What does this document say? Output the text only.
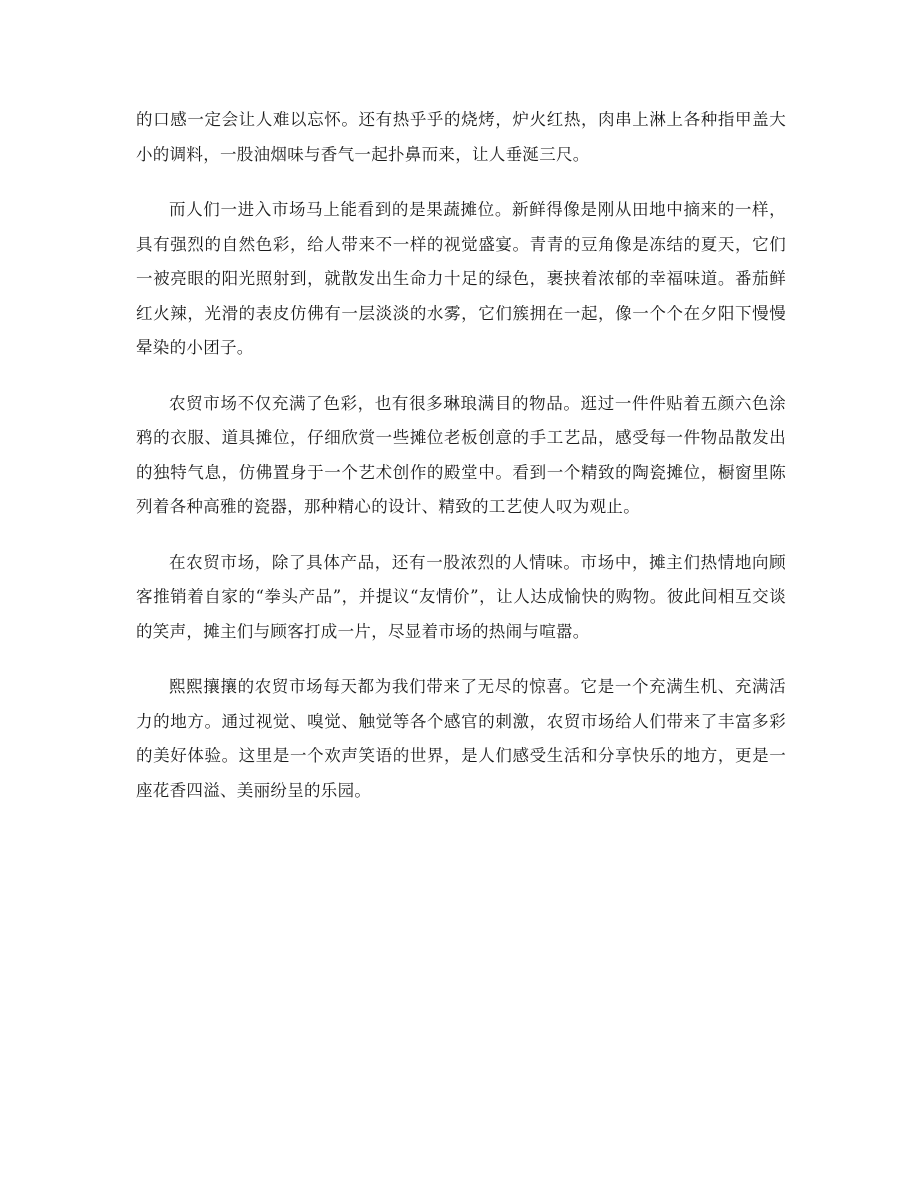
的口感一定会让人难以忘怀。还有热乎乎的烧烤，炉火红热，肉串上淋上各种指甲盖大小的调料，一股油烟味与香气一起扑鼻而来，让人垂涎三尺。

而人们一进入市场马上能看到的是果蔬摊位。新鲜得像是刚从田地中摘来的一样，具有强烈的自然色彩，给人带来不一样的视觉盛宴。青青的豆角像是冻结的夏天，它们一被亮眼的阳光照射到，就散发出生命力十足的绿色，裹挟着浓郁的幸福味道。番茄鲜红火辣，光滑的表皮仿佛有一层淡淡的水雾，它们簇拥在一起，像一个个在夕阳下慢慢晕染的小团子。

农贸市场不仅充满了色彩，也有很多琳琅满目的物品。逛过一件件贴着五颜六色涂鸦的衣服、道具摊位，仔细欣赏一些摊位老板创意的手工艺品，感受每一件物品散发出的独特气息，仿佛置身于一个艺术创作的殿堂中。看到一个精致的陶瓷摊位，橱窗里陈列着各种高雅的瓷器，那种精心的设计、精致的工艺使人叹为观止。

在农贸市场，除了具体产品，还有一股浓烈的人情味。市场中，摊主们热情地向顾客推销着自家的“拳头产品”，并提议“友情价”，让人达成愉快的购物。彼此间相互交谈的笑声，摊主们与顾客打成一片，尽显着市场的热闹与喧嚣。

熙熙攘攘的农贸市场每天都为我们带来了无尽的惊喜。它是一个充满生机、充满活力的地方。通过视觉、嗅觉、触觉等各个感官的刺激，农贸市场给人们带来了丰富多彩的美好体验。这里是一个欢声笑语的世界，是人们感受生活和分享快乐的地方，更是一座花香四溢、美丽纷呈的乐园。
